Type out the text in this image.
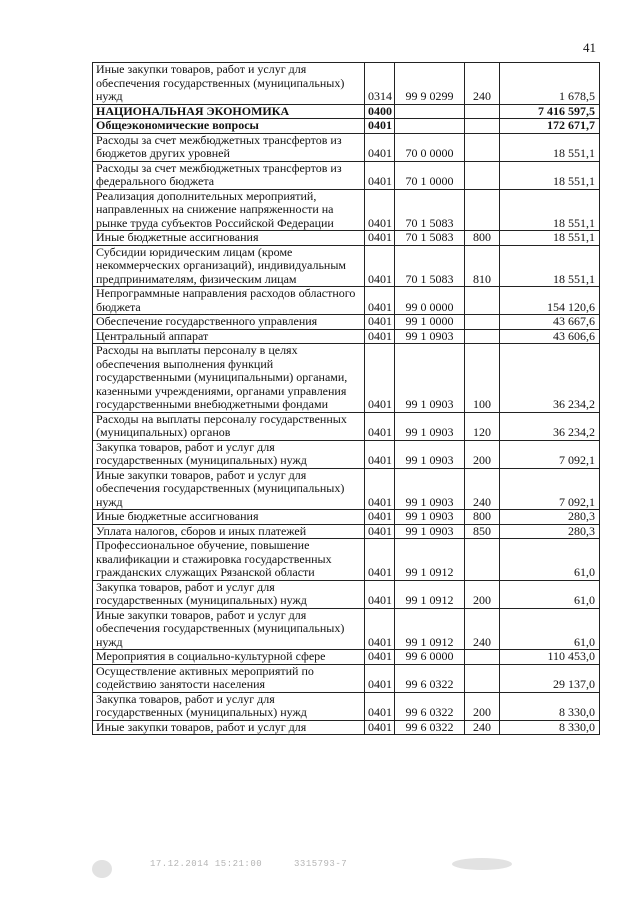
41
Иные закупки товаров, работ и услуг для обеспечения государственных (муниципальных) нужд	0314	99 9 0299	240	1 678,5
НАЦИОНАЛЬНАЯ ЭКОНОМИКА	0400			7 416 597,5
Общеэкономические вопросы	0401			172 671,7
Расходы за счет межбюджетных трансфертов из бюджетов других уровней	0401	70 0 0000		18 551,1
Расходы за счет межбюджетных трансфертов из федерального бюджета	0401	70 1 0000		18 551,1
Реализация дополнительных мероприятий, направленных на снижение напряженности на рынке труда субъектов Российской Федерации	0401	70 1 5083		18 551,1
Иные бюджетные ассигнования	0401	70 1 5083	800	18 551,1
Субсидии юридическим лицам (кроме некоммерческих организаций), индивидуальным предпринимателям, физическим лицам	0401	70 1 5083	810	18 551,1
Непрограммные направления расходов областного бюджета	0401	99 0 0000		154 120,6
Обеспечение государственного управления	0401	99 1 0000		43 667,6
Центральный аппарат	0401	99 1 0903		43 606,6
Расходы на выплаты персоналу в целях обеспечения выполнения функций государственными (муниципальными) органами, казенными учреждениями, органами управления государственными внебюджетными фондами	0401	99 1 0903	100	36 234,2
Расходы на выплаты персоналу государственных (муниципальных) органов	0401	99 1 0903	120	36 234,2
Закупка товаров, работ и услуг для государственных (муниципальных) нужд	0401	99 1 0903	200	7 092,1
Иные закупки товаров, работ и услуг для обеспечения государственных (муниципальных) нужд	0401	99 1 0903	240	7 092,1
Иные бюджетные ассигнования	0401	99 1 0903	800	280,3
Уплата налогов, сборов и иных платежей	0401	99 1 0903	850	280,3
Профессиональное обучение, повышение квалификации и стажировка государственных гражданских служащих Рязанской области	0401	99 1 0912		61,0
Закупка товаров, работ и услуг для государственных (муниципальных) нужд	0401	99 1 0912	200	61,0
Иные закупки товаров, работ и услуг для обеспечения государственных (муниципальных) нужд	0401	99 1 0912	240	61,0
Мероприятия в социально-культурной сфере	0401	99 6 0000		110 453,0
Осуществление активных мероприятий по содействию занятости населения	0401	99 6 0322		29 137,0
Закупка товаров, работ и услуг для государственных (муниципальных) нужд	0401	99 6 0322	200	8 330,0
Иные закупки товаров, работ и услуг для	0401	99 6 0322	240	8 330,0
17.12.2014 15:21:00	3315793-7
